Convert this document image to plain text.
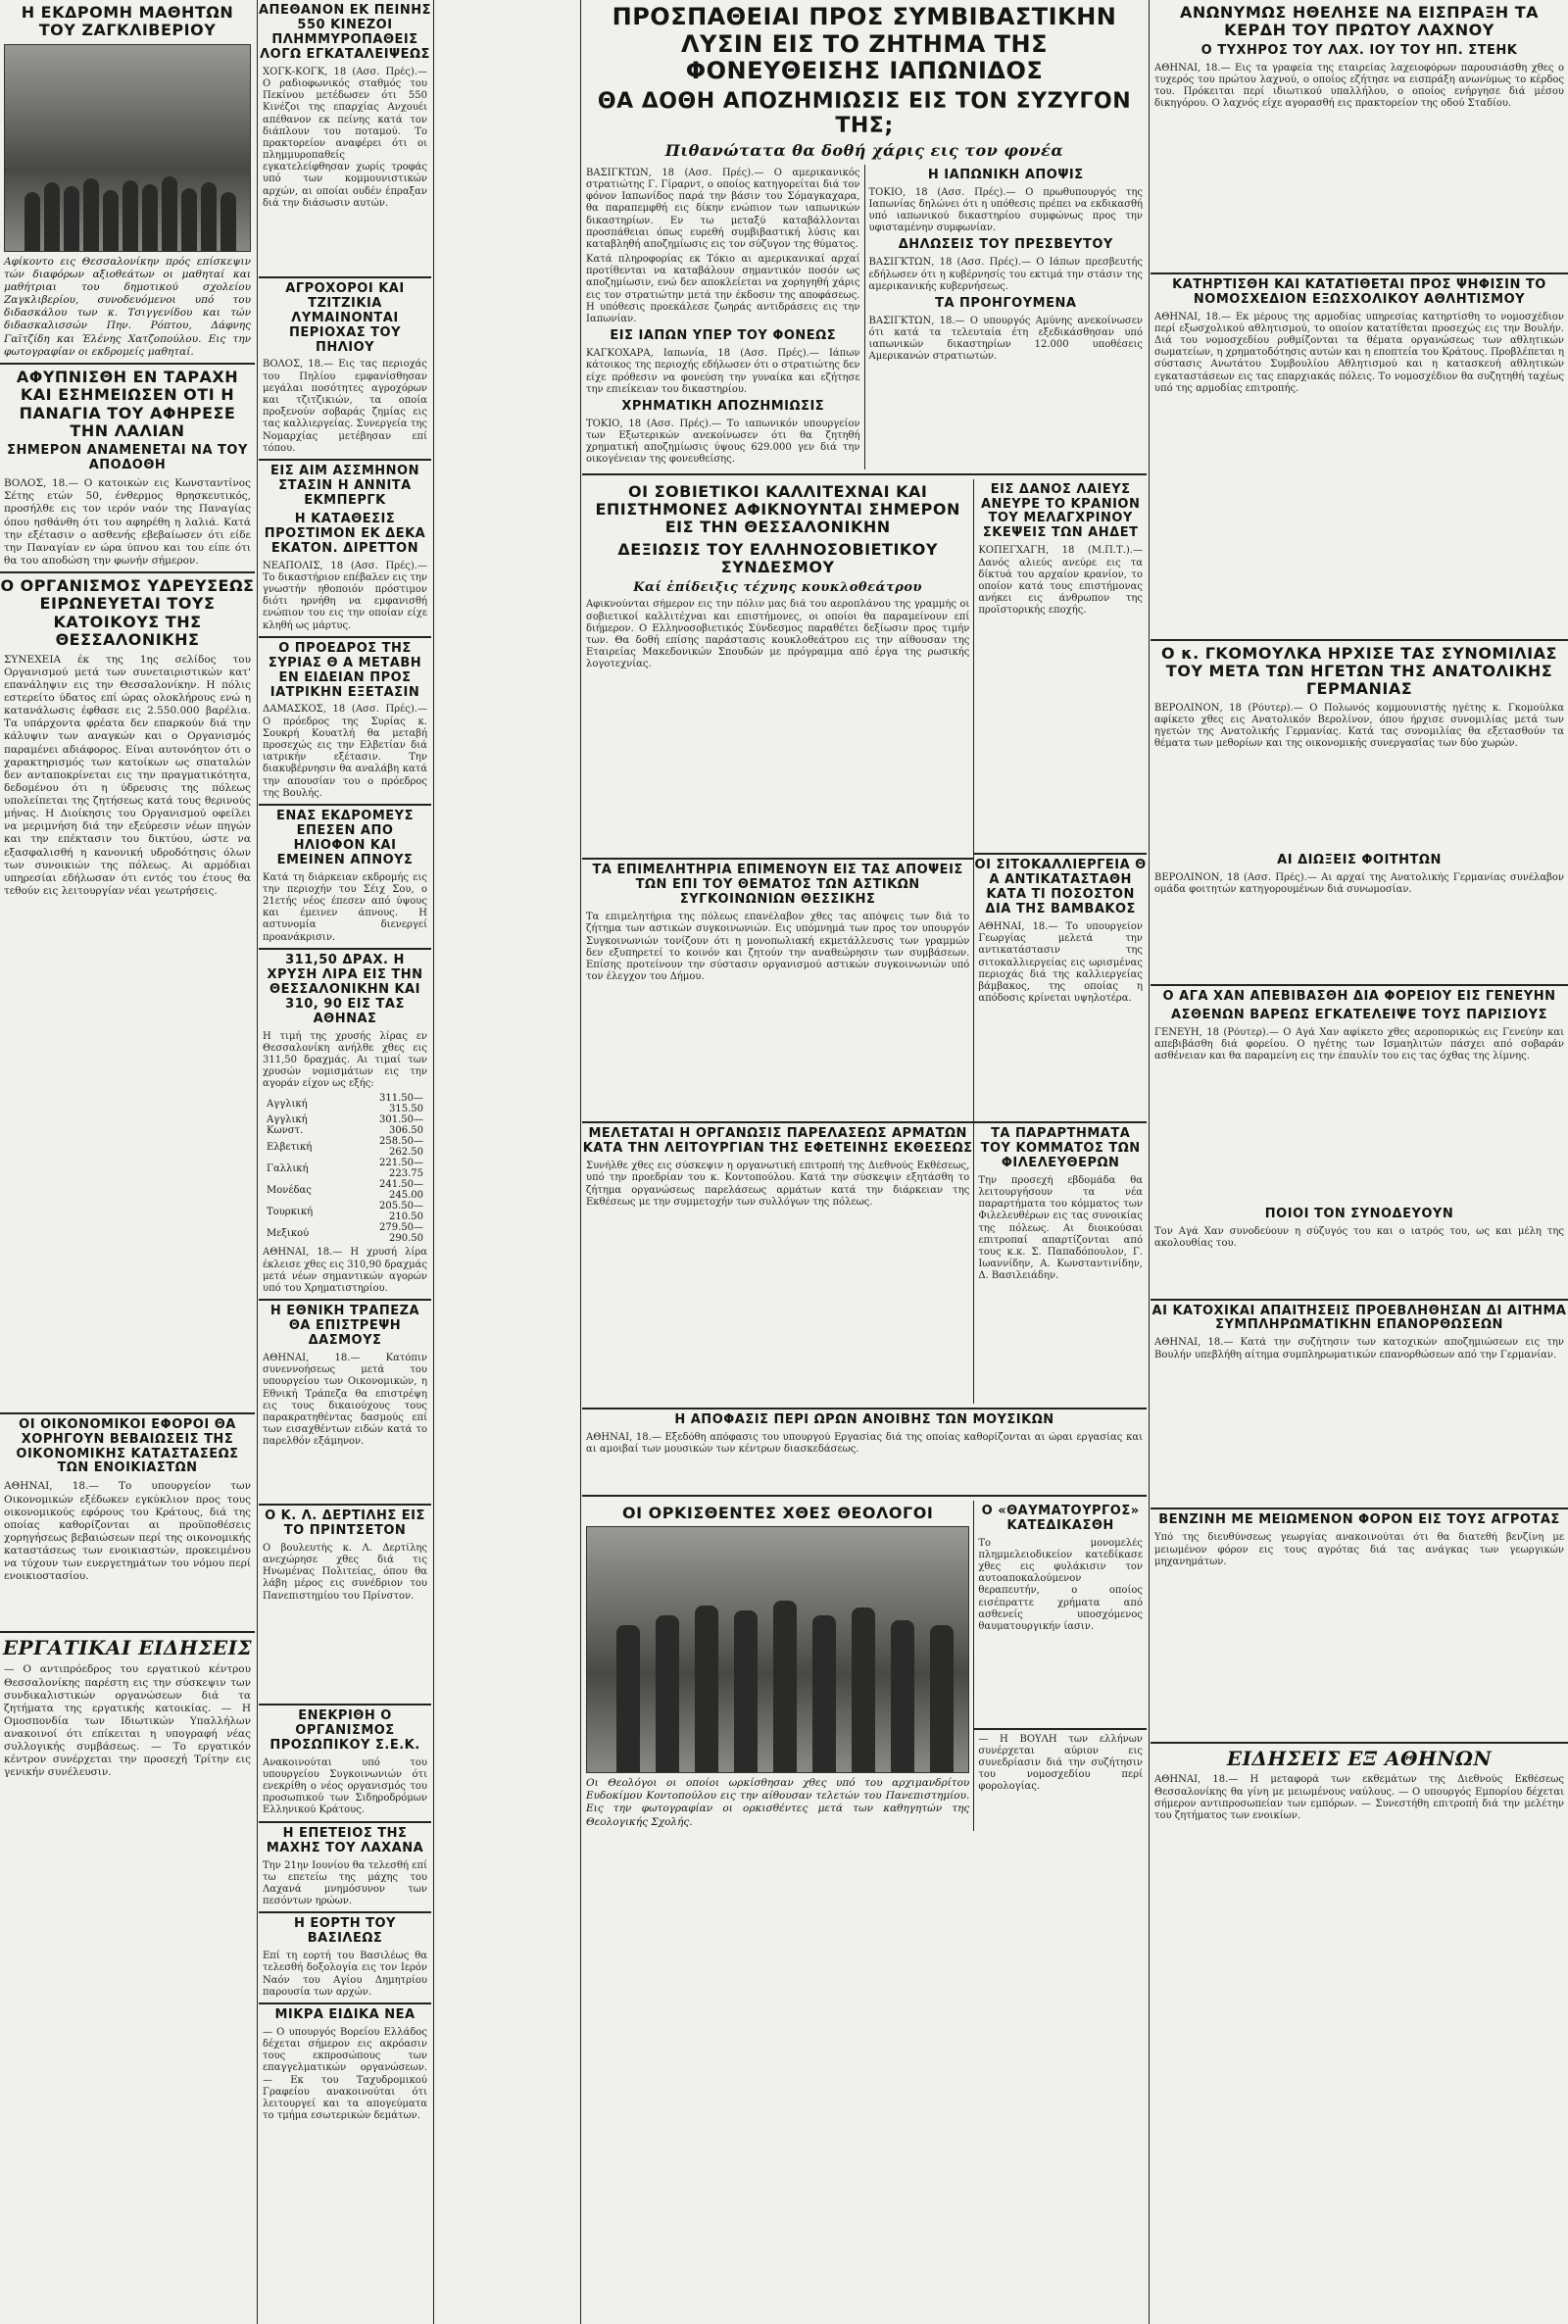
Η ΕΚΔΡΟΜΗ ΜΑΘΗΤΩΝ ΤΟΥ ΖΑΓΚΛΙΒΕΡΙΟΥ
Αφίκοντο εις Θεσσαλονίκην πρός επίσκεψιν τών διαφόρων αξιοθεάτων οι μαθηταί και μαθήτριαι του δημοτικού σχολείου Ζαγκλιβερίου, συνοδευόμενοι υπό του διδασκάλου των κ. Τσιγγενίδου και τών διδασκαλισσών Πην. Ρόπτου, Δάφνης Γαϊτζίδη και Έλένης Χατζοπούλου. Εις την φωτογραφίαν οι εκδρομείς μαθηταί.
ΑΦΥΠΝΙΣΘΗ ΕΝ ΤΑΡΑΧΗ ΚΑΙ ΕΣΗΜΕΙΩΣΕΝ ΟΤΙ Η ΠΑΝΑΓΙΑ ΤΟΥ ΑΦΗΡΕΣΕ ΤΗΝ ΛΑΛΙΑΝ
ΣΗΜΕΡΟΝ ΑΝΑΜΕΝΕΤΑΙ ΝΑ ΤΟΥ ΑΠΟΔΟΘΗ
ΒΟΛΟΣ, 18.— Ο κατοικών εις Κωνσταντίνος Σέτης ετών 50, ένθερμος θρησκευτικός, προσήλθε εις τον ιερόν ναόν της Παναγίας όπου ησθάνθη ότι του αφηρέθη η λαλιά. Κατά την εξέτασιν ο ασθενής εβεβαίωσεν ότι είδε την Παναγίαν εν ώρα ύπνου και του είπε ότι θα του αποδώση την φωνήν σήμερον.
Ο ΟΡΓΑΝΙΣΜΟΣ ΥΔΡΕΥΣΕΩΣ ΕΙΡΩΝΕΥΕΤΑΙ ΤΟΥΣ ΚΑΤΟΙΚΟΥΣ ΤΗΣ ΘΕΣΣΑΛΟΝΙΚΗΣ
ΣΥΝΕΧΕΙΑ έκ της 1ης σελίδος του Οργανισμού μετά των συνεταιριστικών κατ' επανάληψιν εις την Θεσσαλονίκην. Η πόλις εστερείτο ύδατος επί ώρας ολοκλήρους ενώ η κατανάλωσις έφθασε εις 2.550.000 βαρέλια. Τα υπάρχοντα φρέατα δεν επαρκούν διά την κάλυψιν των αναγκών και ο Οργανισμός παραμένει αδιάφορος. Είναι αυτονόητον ότι ο χαρακτηρισμός των κατοίκων ως σπαταλών δεν ανταποκρίνεται εις την πραγματικότητα, δεδομένου ότι η ύδρευσις της πόλεως υπολείπεται της ζητήσεως κατά τους θερινούς μήνας. Η Διοίκησις του Οργανισμού οφείλει να μεριμνήση διά την εξεύρεσιν νέων πηγών και την επέκτασιν του δικτύου, ώστε να εξασφαλισθή η κανονική υδροδότησις όλων των συνοικιών της πόλεως. Αι αρμόδιαι υπηρεσίαι εδήλωσαν ότι εντός του έτους θα τεθούν εις λειτουργίαν νέαι γεωτρήσεις.
ΟΙ ΟΙΚΟΝΟΜΙΚΟΙ ΕΦΟΡΟΙ ΘΑ ΧΟΡΗΓΟΥΝ ΒΕΒΑΙΩΣΕΙΣ ΤΗΣ ΟΙΚΟΝΟΜΙΚΗΣ ΚΑΤΑΣΤΑΣΕΩΣ ΤΩΝ ΕΝΟΙΚΙΑΣΤΩΝ
ΑΘΗΝΑΙ, 18.— Το υπουργείον των Οικονομικών εξέδωκεν εγκύκλιον προς τους οικονομικούς εφόρους του Κράτους, διά της οποίας καθορίζονται αι προϋποθέσεις χορηγήσεως βεβαιώσεων περί της οικονομικής καταστάσεως των ενοικιαστών, προκειμένου να τύχουν των ευεργετημάτων του νόμου περί ενοικιοστασίου.
ΕΡΓΑΤΙΚΑΙ ΕΙΔΗΣΕΙΣ
— Ο αντιπρόεδρος του εργατικού κέντρου Θεσσαλονίκης παρέστη εις την σύσκεψιν των συνδικαλιστικών οργανώσεων διά τα ζητήματα της εργατικής κατοικίας. — Η Ομοσπονδία των Ιδιωτικών Υπαλλήλων ανακοινοί ότι επίκειται η υπογραφή νέας συλλογικής συμβάσεως. — Το εργατικόν κέντρον συνέρχεται την προσεχή Τρίτην εις γενικήν συνέλευσιν.
ΑΠΕΘΑΝΟΝ ΕΚ ΠΕΙΝΗΣ 550 ΚΙΝΕΖΟΙ ΠΛΗΜΜΥΡΟΠΑΘΕΙΣ ΛΟΓΩ ΕΓΚΑΤΑΛΕΙΨΕΩΣ
ΧΟΓΚ-ΚΟΓΚ, 18 (Ασσ. Πρές).— Ο ραδιοφωνικός σταθμός του Πεκίνου μετέδωσεν ότι 550 Κινέζοι της επαρχίας Ανχουέι απέθανον εκ πείνης κατά τον διάπλουν του ποταμού. Το πρακτορείον αναφέρει ότι οι πλημμυροπαθείς εγκατελείφθησαν χωρίς τροφάς υπό των κομμουνιστικών αρχών, αι οποίαι ουδέν έπραξαν διά την διάσωσιν αυτών.
ΑΓΡΟΧΟΡΟΙ ΚΑΙ ΤΖΙΤΖΙΚΙΑ ΛΥΜΑΙΝΟΝΤΑΙ ΠΕΡΙΟΧΑΣ ΤΟΥ ΠΗΛΙΟΥ
ΒΟΛΟΣ, 18.— Εις τας περιοχάς του Πηλίου εμφανίσθησαν μεγάλαι ποσότητες αγροχόρων και τζιτζικιών, τα οποία προξενούν σοβαράς ζημίας εις τας καλλιεργείας. Συνεργεία της Νομαρχίας μετέβησαν επί τόπου.
ΕΙΣ ΑΙΜ ΑΣΣΜΗΝΟΝ ΣΤΑΣΙΝ Η ΑΝΝΙΤΑ ΕΚΜΠΕΡΓΚ
Η ΚΑΤΑΘΕΣΙΣ ΠΡΟΣΤΙΜΟΝ ΕΚ ΔΕΚΑ ΕΚΑΤΟΝ. ΔΙΡΕΤΤΟΝ
ΝΕΑΠΟΛΙΣ, 18 (Ασσ. Πρές).— Το δικαστήριον επέβαλεν εις την γνωστήν ηθοποιόν πρόστιμον διότι ηρνήθη να εμφανισθή ενώπιον του εις την οποίαν είχε κληθή ως μάρτυς.
Ο ΠΡΟΕΔΡΟΣ ΤΗΣ ΣΥΡΙΑΣ Θ Α ΜΕΤΑΒΗ ΕΝ ΕΙΔΕΙΑΝ ΠΡΟΣ ΙΑΤΡΙΚΗΝ ΕΞΕΤΑΣΙΝ
ΔΑΜΑΣΚΟΣ, 18 (Ασσ. Πρές).— Ο πρόεδρος της Συρίας κ. Σουκρή Κουατλή θα μεταβή προσεχώς εις την Ελβετίαν διά ιατρικήν εξέτασιν. Την διακυβέρνησιν θα αναλάβη κατά την απουσίαν του ο πρόεδρος της Βουλής.
ΕΝΑΣ ΕΚΔΡΟΜΕΥΣ ΕΠΕΣΕΝ ΑΠΟ ΗΛΙΟΦΟΝ ΚΑΙ ΕΜΕΙΝΕΝ ΑΠΝΟΥΣ
Κατά τη διάρκειαν εκδρομής εις την περιοχήν του Σέιχ Σου, ο 21ετής νέος έπεσεν από ύψους και έμεινεν άπνους. Η αστυνομία διενεργεί προανάκρισιν.
311,50 ΔΡΑΧ. Η ΧΡΥΣΗ ΛΙΡΑ ΕΙΣ ΤΗΝ ΘΕΣΣΑΛΟΝΙΚΗΝ ΚΑΙ 310, 90 ΕΙΣ ΤΑΣ ΑΘΗΝΑΣ
Η τιμή της χρυσής λίρας εν Θεσσαλονίκη ανήλθε χθες εις 311,50 δραχμάς. Αι τιμαί των χρυσών νομισμάτων εις την αγοράν είχον ως εξής:
Αγγλική	311.50—315.50
Αγγλική Κωνστ.	301.50—306.50
Ελβετική	258.50—262.50
Γαλλική	221.50—223.75
Μονέδας	241.50—245.00
Τουρκική	205.50—210.50
Μεξικού	279.50—290.50
ΑΘΗΝΑΙ, 18.— Η χρυσή λίρα έκλεισε χθες εις 310,90 δραχμάς μετά νέων σημαντικών αγορών υπό του Χρηματιστηρίου.
Η ΕΘΝΙΚΗ ΤΡΑΠΕΖΑ ΘΑ ΕΠΙΣΤΡΕΨΗ ΔΑΣΜΟΥΣ
ΑΘΗΝΑΙ, 18.— Κατόπιν συνεννοήσεως μετά του υπουργείου των Οικονομικών, η Εθνική Τράπεζα θα επιστρέψη εις τους δικαιούχους τους παρακρατηθέντας δασμούς επί των εισαχθέντων ειδών κατά το παρελθόν εξάμηνον.
Ο Κ. Λ. ΔΕΡΤΙΛΗΣ ΕΙΣ ΤΟ ΠΡΙΝΤΣΕΤΟΝ
Ο βουλευτής κ. Λ. Δερτίλης ανεχώρησε χθες διά τις Ηνωμένας Πολιτείας, όπου θα λάβη μέρος εις συνέδριον του Πανεπιστημίου του Πρίνστον.
ΕΝΕΚΡΙΘΗ Ο ΟΡΓΑΝΙΣΜΟΣ ΠΡΟΣΩΠΙΚΟΥ Σ.Ε.Κ.
Ανακοινούται υπό του υπουργείου Συγκοινωνιών ότι ενεκρίθη ο νέος οργανισμός του προσωπικού των Σιδηροδρόμων Ελληνικού Κράτους.
Η ΕΠΕΤΕΙΟΣ ΤΗΣ ΜΑΧΗΣ ΤΟΥ ΛΑΧΑΝΑ
Την 21ην Ιουνίου θα τελεσθή επί τω επετείω της μάχης του Λαχανά μνημόσυνον των πεσόντων ηρώων.
Η ΕΟΡΤΗ ΤΟΥ ΒΑΣΙΛΕΩΣ
Επί τη εορτή του Βασιλέως θα τελεσθή δοξολογία εις τον Ιερόν Ναόν του Αγίου Δημητρίου παρουσία των αρχών.
ΜΙΚΡΑ ΕΙΔΙΚΑ ΝΕΑ
— Ο υπουργός Βορείου Ελλάδος δέχεται σήμερον εις ακρόασιν τους εκπροσώπους των επαγγελματικών οργανώσεων. — Εκ του Ταχυδρομικού Γραφείου ανακοινούται ότι λειτουργεί και τα απογεύματα το τμήμα εσωτερικών δεμάτων.
ΠΡΟΣΠΑΘΕΙΑΙ ΠΡΟΣ ΣΥΜΒΙΒΑΣΤΙΚΗΝ ΛΥΣΙΝ ΕΙΣ ΤΟ ΖΗΤΗΜΑ ΤΗΣ ΦΟΝΕΥΘΕΙΣΗΣ ΙΑΠΩΝΙΔΟΣ
ΘΑ ΔΟΘΗ ΑΠΟΖΗΜΙΩΣΙΣ ΕΙΣ ΤΟΝ ΣΥΖΥΓΟΝ ΤΗΣ;
Πιθανώτατα θα δοθή χάρις εις τον φονέα
ΒΑΣΙΓΚΤΩΝ, 18 (Ασσ. Πρές).— Ο αμερικανικός στρατιώτης Γ. Γίραρντ, ο οποίος κατηγορείται διά τον φόνον Ιαπωνίδος παρά την βάσιν του Σόμαγκαχαρα, θα παραπεμφθή εις δίκην ενώπιον των ιαπωνικών δικαστηρίων. Εν τω μεταξύ καταβάλλονται προσπάθειαι όπως ευρεθή συμβιβαστική λύσις και καταβληθή αποζημίωσις εις τον σύζυγον της θύματος.
Κατά πληροφορίας εκ Τόκιο αι αμερικανικαί αρχαί προτίθενται να καταβάλουν σημαντικόν ποσόν ως αποζημίωσιν, ενώ δεν αποκλείεται να χορηγηθή χάρις εις τον στρατιώτην μετά την έκδοσιν της αποφάσεως. Η υπόθεσις προεκάλεσε ζωηράς αντιδράσεις εις την Ιαπωνίαν.
ΕΙΣ ΙΑΠΩΝ ΥΠΕΡ ΤΟΥ ΦΟΝΕΩΣ
ΚΑΓΚΟΧΑΡΑ, Ιαπωνία, 18 (Ασσ. Πρές).— Ιάπων κάτοικος της περιοχής εδήλωσεν ότι ο στρατιώτης δεν είχε πρόθεσιν να φονεύση την γυναίκα και εζήτησε την επιείκειαν του δικαστηρίου.
ΧΡΗΜΑΤΙΚΗ ΑΠΟΖΗΜΙΩΣΙΣ
ΤΟΚΙΟ, 18 (Ασσ. Πρές).— Το ιαπωνικόν υπουργείον των Εξωτερικών ανεκοίνωσεν ότι θα ζητηθή χρηματική αποζημίωσις ύψους 629.000 γεν διά την οικογένειαν της φονευθείσης.
Η ΙΑΠΩΝΙΚΗ ΑΠΟΨΙΣ
ΤΟΚΙΟ, 18 (Ασσ. Πρές).— Ο πρωθυπουργός της Ιαπωνίας δηλώνει ότι η υπόθεσις πρέπει να εκδικασθή υπό ιαπωνικού δικαστηρίου συμφώνως προς την υφισταμένην συμφωνίαν.
ΔΗΛΩΣΕΙΣ ΤΟΥ ΠΡΕΣΒΕΥΤΟΥ
ΒΑΣΙΓΚΤΩΝ, 18 (Ασσ. Πρές).— Ο Ιάπων πρεσβευτής εδήλωσεν ότι η κυβέρνησίς του εκτιμά την στάσιν της αμερικανικής κυβερνήσεως.
ΤΑ ΠΡΟΗΓΟΥΜΕΝΑ
ΒΑΣΙΓΚΤΩΝ, 18.— Ο υπουργός Αμύνης ανεκοίνωσεν ότι κατά τα τελευταία έτη εξεδικάσθησαν υπό ιαπωνικών δικαστηρίων 12.000 υποθέσεις Αμερικανών στρατιωτών.
ΟΙ ΣΟΒΙΕΤΙΚΟΙ ΚΑΛΛΙΤΕΧΝΑΙ ΚΑΙ ΕΠΙΣΤΗΜΟΝΕΣ ΑΦΙΚΝΟΥΝΤΑΙ ΣΗΜΕΡΟΝ ΕΙΣ ΤΗΝ ΘΕΣΣΑΛΟΝΙΚΗΝ
ΔΕΞΙΩΣΙΣ ΤΟΥ ΕΛΛΗΝΟΣΟΒΙΕΤΙΚΟΥ ΣΥΝΔΕΣΜΟΥ
Καί ἐπίδειξις τέχνης κουκλοθεάτρου
Αφικνούνται σήμερον εις την πόλιν μας διά του αεροπλάνου της γραμμής οι σοβιετικοί καλλιτέχναι και επιστήμονες, οι οποίοι θα παραμείνουν επί διήμερον. Ο Ελληνοσοβιετικός Σύνδεσμος παραθέτει δεξίωσιν προς τιμήν των. Θα δοθή επίσης παράστασις κουκλοθεάτρου εις την αίθουσαν της Εταιρείας Μακεδονικών Σπουδών με πρόγραμμα από έργα της ρωσικής λογοτεχνίας.
ΤΑ ΕΠΙΜΕΛΗΤΗΡΙΑ ΕΠΙΜΕΝΟΥΝ ΕΙΣ ΤΑΣ ΑΠΟΨΕΙΣ ΤΩΝ ΕΠΙ ΤΟΥ ΘΕΜΑΤΟΣ ΤΩΝ ΑΣΤΙΚΩΝ ΣΥΓΚΟΙΝΩΝΙΩΝ ΘΕΣΣΙΚΗΣ
Τα επιμελητήρια της πόλεως επανέλαβον χθες τας απόψεις των διά το ζήτημα των αστικών συγκοινωνιών. Εις υπόμνημά των προς τον υπουργόν Συγκοινωνιών τονίζουν ότι η μονοπωλιακή εκμετάλλευσις των γραμμών δεν εξυπηρετεί το κοινόν και ζητούν την αναθεώρησιν των συμβάσεων. Επίσης προτείνουν την σύστασιν οργανισμού αστικών συγκοινωνιών υπό τον έλεγχον του Δήμου.
ΜΕΛΕΤΑΤΑΙ Η ΟΡΓΑΝΩΣΙΣ ΠΑΡΕΛΑΣΕΩΣ ΑΡΜΑΤΩΝ ΚΑΤΑ ΤΗΝ ΛΕΙΤΟΥΡΓΙΑΝ ΤΗΣ ΕΦΕΤΕΙΝΗΣ ΕΚΘΕΣΕΩΣ
Συνήλθε χθες εις σύσκεψιν η οργανωτική επιτροπή της Διεθνούς Εκθέσεως, υπό την προεδρίαν του κ. Κοντοπούλου. Κατά την σύσκεψιν εξητάσθη το ζήτημα οργανώσεως παρελάσεως αρμάτων κατά την διάρκειαν της Εκθέσεως με την συμμετοχήν των συλλόγων της πόλεως.
ΕΙΣ ΔΑΝΟΣ ΛΑΙΕΥΣ ΑΝΕΥΡΕ ΤΟ ΚΡΑΝΙΟΝ ΤΟΥ ΜΕΛΑΓΧΡΙΝΟΥ ΣΚΕΨΕΙΣ ΤΩΝ ΑΗΔΕΤ
ΚΟΠΕΓΧΑΓΗ, 18 (Μ.Π.Τ.).— Δανός αλιεύς ανεύρε εις τα δίκτυά του αρχαίον κρανίον, το οποίον κατά τους επιστήμονας ανήκει εις άνθρωπον της προϊστορικής εποχής.
ΟΙ ΣΙΤΟΚΑΛΛΙΕΡΓΕΙΑ Θ Α ΑΝΤΙΚΑΤΑΣΤΑΘΗ ΚΑΤΑ ΤΙ ΠΟΣΟΣΤΟΝ ΔΙΑ ΤΗΣ ΒΑΜΒΑΚΟΣ
ΑΘΗΝΑΙ, 18.— Το υπουργείον Γεωργίας μελετά την αντικατάστασιν της σιτοκαλλιεργείας εις ωρισμένας περιοχάς διά της καλλιεργείας βάμβακος, της οποίας η απόδοσις κρίνεται υψηλοτέρα.
ΤΑ ΠΑΡΑΡΤΗΜΑΤΑ ΤΟΥ ΚΟΜΜΑΤΟΣ ΤΩΝ ΦΙΛΕΛΕΥΘΕΡΩΝ
Την προσεχή εβδομάδα θα λειτουργήσουν τα νέα παραρτήματα του κόμματος των Φιλελευθέρων εις τας συνοικίας της πόλεως. Αι διοικούσαι επιτροπαί απαρτίζονται από τους κ.κ. Σ. Παπαδόπουλον, Γ. Ιωαννίδην, Α. Κωνσταντινίδην, Δ. Βασιλειάδην.
Η ΑΠΟΦΑΣΙΣ ΠΕΡΙ ΩΡΩΝ ΑΝΟΙΒΗΣ ΤΩΝ ΜΟΥΣΙΚΩΝ
ΑΘΗΝΑΙ, 18.— Εξεδόθη απόφασις του υπουργού Εργασίας διά της οποίας καθορίζονται αι ώραι εργασίας και αι αμοιβαί των μουσικών των κέντρων διασκεδάσεως.
ΟΙ ΟΡΚΙΣΘΕΝΤΕΣ ΧΘΕΣ ΘΕΟΛΟΓΟΙ
Οι Θεολόγοι οι οποίοι ωρκίσθησαν χθες υπό του αρχιμανδρίτου Ευδοκίμου Κοντοπούλου εις την αίθουσαν τελετών του Πανεπιστημίου. Εις την φωτογραφίαν οι ορκισθέντες μετά των καθηγητών της Θεολογικής Σχολής.
Ο «ΘΑΥΜΑΤΟΥΡΓΟΣ» ΚΑΤΕΔΙΚΑΣΘΗ
Το μονομελές πλημμελειοδικείον κατεδίκασε χθες εις φυλάκισιν τον αυτοαποκαλούμενον θεραπευτήν, ο οποίος εισέπραττε χρήματα από ασθενείς υποσχόμενος θαυματουργικήν ίασιν.
— Η ΒΟΥΛΗ των ελλήνων συνέρχεται αύριον εις συνεδρίασιν διά την συζήτησιν του νομοσχεδίου περί φορολογίας.
ΑΝΩΝΥΜΩΣ ΗΘΕΛΗΣΕ ΝΑ ΕΙΣΠΡΑΞΗ ΤΑ ΚΕΡΔΗ ΤΟΥ ΠΡΩΤΟΥ ΛΑΧΝΟΥ
Ο ΤΥΧΗΡΟΣ ΤΟΥ ΛΑΧ. ΙΟΥ ΤΟΥ ΗΠ. ΣΤΕΗΚ
ΑΘΗΝΑΙ, 18.— Εις τα γραφεία της εταιρείας λαχειοφόρων παρουσιάσθη χθες ο τυχερός του πρώτου λαχνού, ο οποίος εζήτησε να εισπράξη ανωνύμως το κέρδος του. Πρόκειται περί ιδιωτικού υπαλλήλου, ο οποίος ενήργησε διά μέσου δικηγόρου. Ο λαχνός είχε αγορασθή εις πρακτορείον της οδού Σταδίου.
ΚΑΤΗΡΤΙΣΘΗ ΚΑΙ ΚΑΤΑΤΙΘΕΤΑΙ ΠΡΟΣ ΨΗΦΙΣΙΝ ΤΟ ΝΟΜΟΣΧΕΔΙΟΝ ΕΞΩΣΧΟΛΙΚΟΥ ΑΘΛΗΤΙΣΜΟΥ
ΑΘΗΝΑΙ, 18.— Εκ μέρους της αρμοδίας υπηρεσίας κατηρτίσθη το νομοσχέδιον περί εξωσχολικού αθλητισμού, το οποίον κατατίθεται προσεχώς εις την Βουλήν. Διά του νομοσχεδίου ρυθμίζονται τα θέματα οργανώσεως των αθλητικών σωματείων, η χρηματοδότησις αυτών και η εποπτεία του Κράτους. Προβλέπεται η σύστασις Ανωτάτου Συμβουλίου Αθλητισμού και η κατασκευή αθλητικών εγκαταστάσεων εις τας επαρχιακάς πόλεις. Το νομοσχέδιον θα συζητηθή ταχέως υπό της αρμοδίας επιτροπής.
Ο κ. ΓΚΟΜΟΥΛΚΑ ΗΡΧΙΣΕ ΤΑΣ ΣΥΝΟΜΙΛΙΑΣ ΤΟΥ ΜΕΤΑ ΤΩΝ ΗΓΕΤΩΝ ΤΗΣ ΑΝΑΤΟΛΙΚΗΣ ΓΕΡΜΑΝΙΑΣ
ΒΕΡΟΛΙΝΟΝ, 18 (Ρόυτερ).— Ο Πολωνός κομμουνιστής ηγέτης κ. Γκομούλκα αφίκετο χθες εις Ανατολικόν Βερολίνον, όπου ήρχισε συνομιλίας μετά των ηγετών της Ανατολικής Γερμανίας. Κατά τας συνομιλίας θα εξετασθούν τα θέματα των μεθορίων και της οικονομικής συνεργασίας των δύο χωρών.
ΑΙ ΔΙΩΞΕΙΣ ΦΟΙΤΗΤΩΝ
ΒΕΡΟΛΙΝΟΝ, 18 (Ασσ. Πρές).— Αι αρχαί της Ανατολικής Γερμανίας συνέλαβον ομάδα φοιτητών κατηγορουμένων διά συνωμοσίαν.
Ο ΑΓΑ ΧΑΝ ΑΠΕΒΙΒΑΣΘΗ ΔΙΑ ΦΟΡΕΙΟΥ ΕΙΣ ΓΕΝΕΥΗΝ
ΑΣΘΕΝΩΝ ΒΑΡΕΩΣ ΕΓΚΑΤΕΛΕΙΨΕ ΤΟΥΣ ΠΑΡΙΣΙΟΥΣ
ΓΕΝΕΥΗ, 18 (Ρόυτερ).— Ο Αγά Χαν αφίκετο χθες αεροπορικώς εις Γενεύην και απεβιβάσθη διά φορείου. Ο ηγέτης των Ισμαηλιτών πάσχει από σοβαράν ασθένειαν και θα παραμείνη εις την έπαυλίν του εις τας όχθας της λίμνης.
ΠΟΙΟΙ ΤΟΝ ΣΥΝΟΔΕΥΟΥΝ
Τον Αγά Χαν συνοδεύουν η σύζυγός του και ο ιατρός του, ως και μέλη της ακολουθίας του.
ΑΙ ΚΑΤΟΧΙΚΑΙ ΑΠΑΙΤΗΣΕΙΣ ΠΡΟΕΒΛΗΘΗΣΑΝ ΔΙ ΑΙΤΗΜΑ ΣΥΜΠΛΗΡΩΜΑΤΙΚΗΝ ΕΠΑΝΟΡΘΩΣΕΩΝ
ΑΘΗΝΑΙ, 18.— Κατά την συζήτησιν των κατοχικών αποζημιώσεων εις την Βουλήν υπεβλήθη αίτημα συμπληρωματικών επανορθώσεων από την Γερμανίαν.
ΒΕΝΖΙΝΗ ΜΕ ΜΕΙΩΜΕΝΟΝ ΦΟΡΟΝ ΕΙΣ ΤΟΥΣ ΑΓΡΟΤΑΣ
Υπό της διευθύνσεως γεωργίας ανακοινούται ότι θα διατεθή βενζίνη με μειωμένον φόρον εις τους αγρότας διά τας ανάγκας των γεωργικών μηχανημάτων.
ΕΙΔΗΣΕΙΣ ΕΞ ΑΘΗΝΩΝ
ΑΘΗΝΑΙ, 18.— Η μεταφορά των εκθεμάτων της Διεθνούς Εκθέσεως Θεσσαλονίκης θα γίνη με μειωμένους ναύλους. — Ο υπουργός Εμπορίου δέχεται σήμερον αντιπροσωπείαν των εμπόρων. — Συνεστήθη επιτροπή διά την μελέτην του ζητήματος των ενοικίων.
